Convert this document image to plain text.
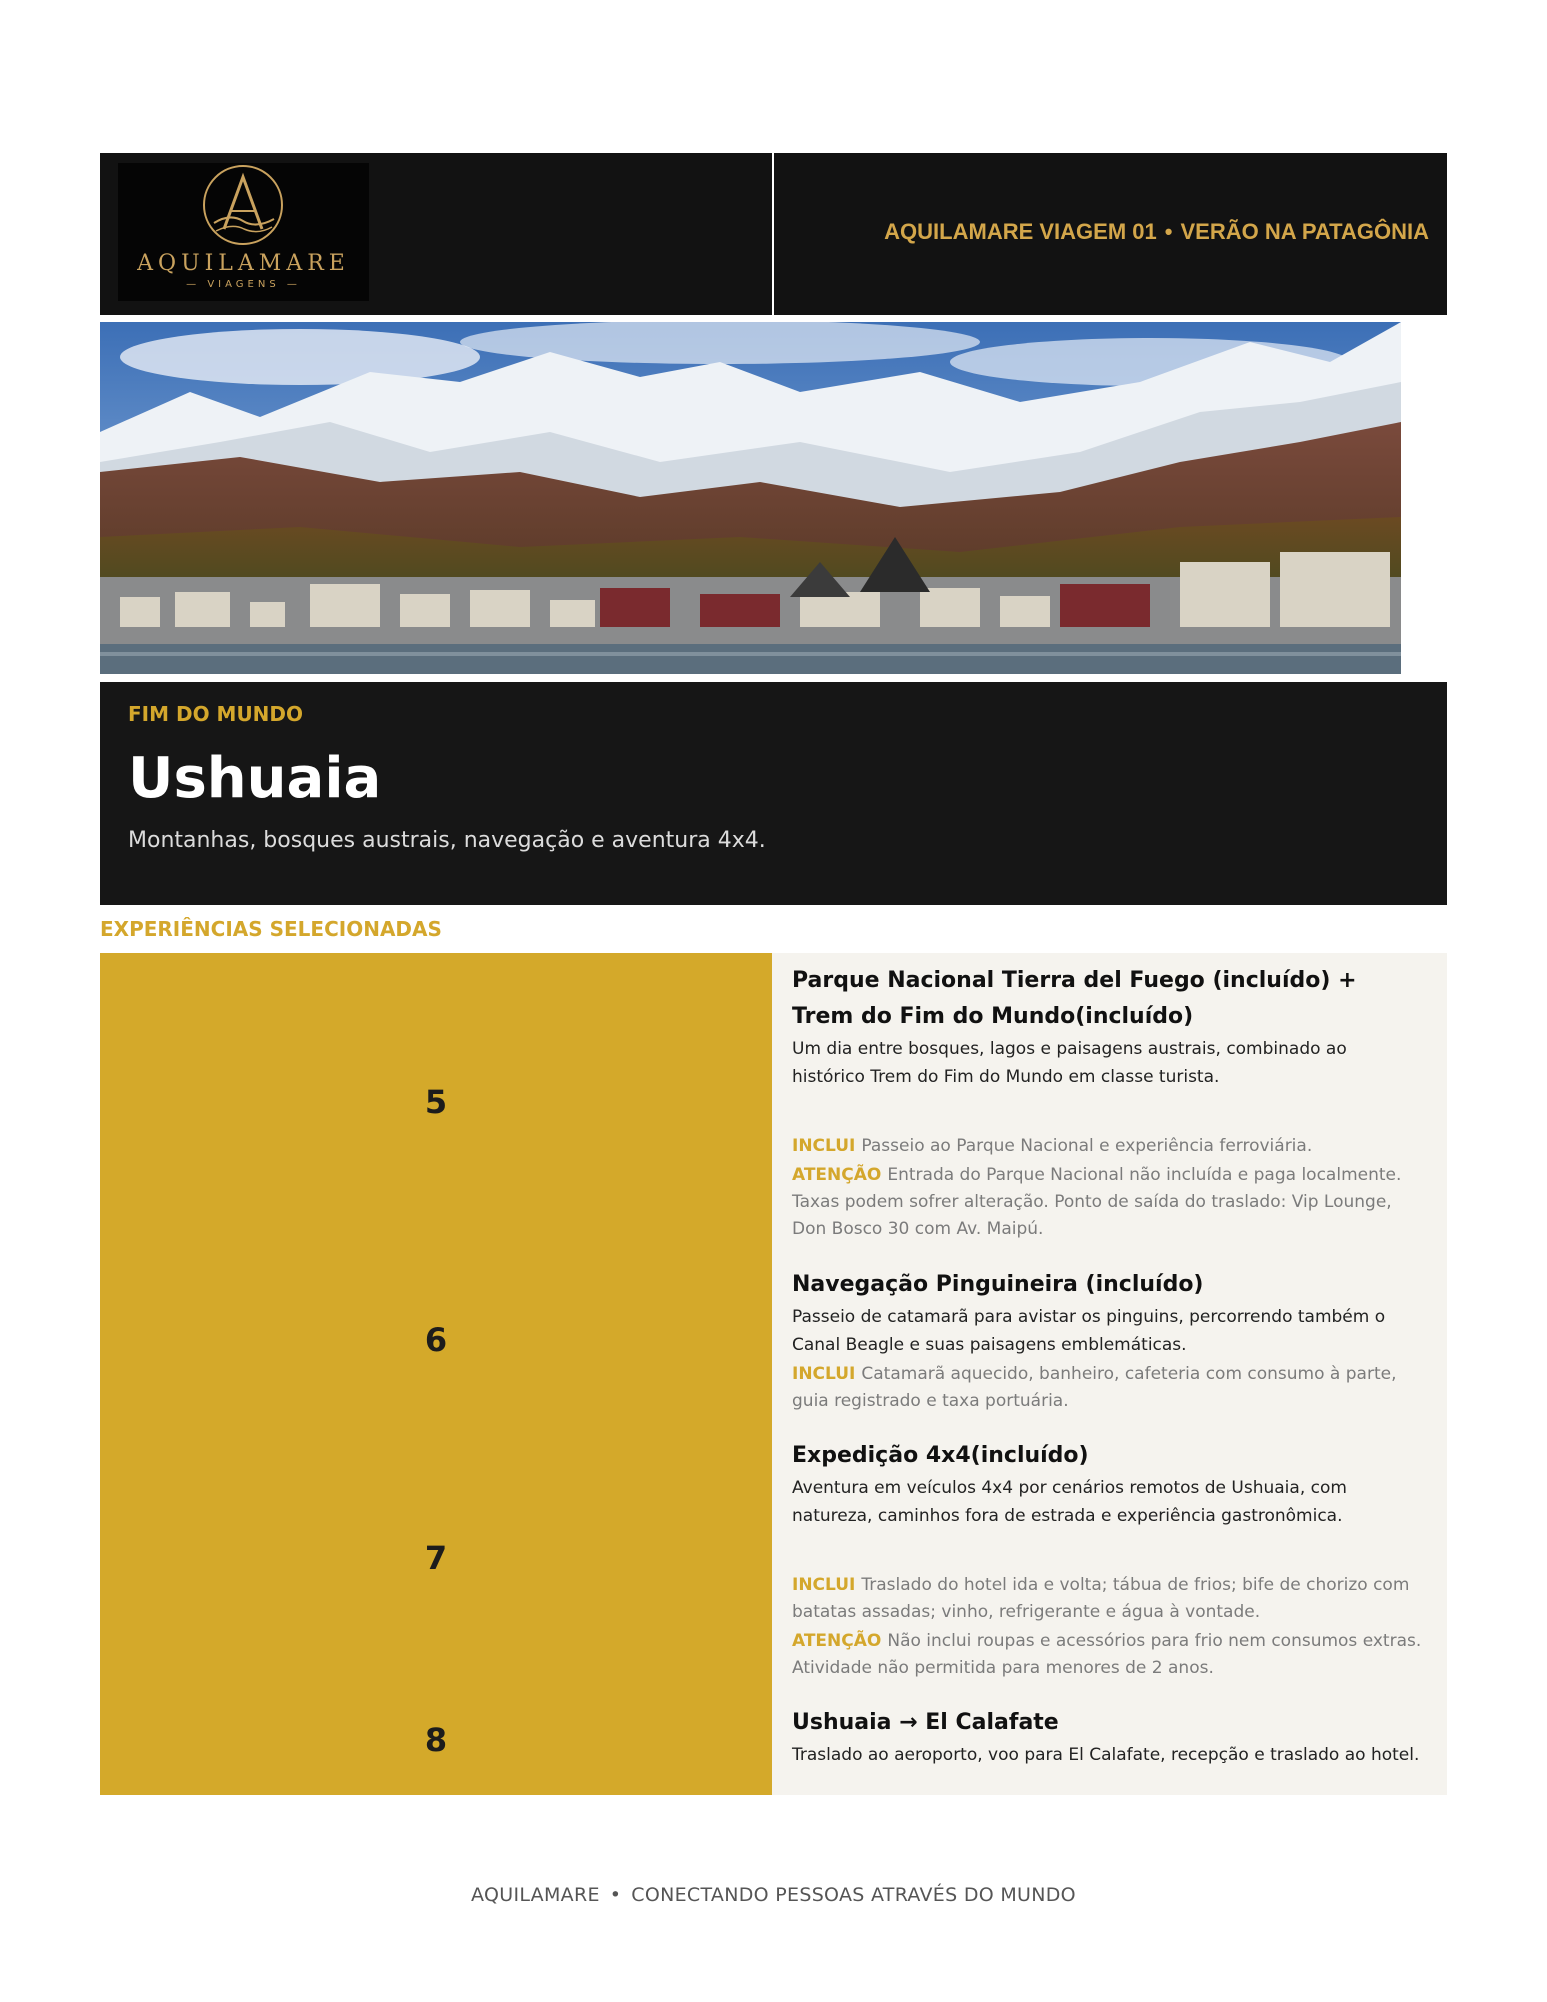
AQUILAMARE
— VIAGENS —
AQUILAMARE VIAGEM 01 • VERÃO NA PATAGÔNIA
FIM DO MUNDO
Ushuaia
Montanhas, bosques austrais, navegação e aventura 4x4.
EXPERIÊNCIAS SELECIONADAS
5
6
7
8
Parque Nacional Tierra del Fuego (incluído) + Trem do Fim do Mundo(incluído)
Um dia entre bosques, lagos e paisagens austrais, combinado ao histórico Trem do Fim do Mundo em classe turista.
INCLUI Passeio ao Parque Nacional e experiência ferroviária.
ATENÇÃO Entrada do Parque Nacional não incluída e paga localmente. Taxas podem sofrer alteração. Ponto de saída do traslado: Vip Lounge, Don Bosco 30 com Av. Maipú.
Navegação Pinguineira (incluído)
Passeio de catamarã para avistar os pinguins, percorrendo também o Canal Beagle e suas paisagens emblemáticas.
INCLUI Catamarã aquecido, banheiro, cafeteria com consumo à parte, guia registrado e taxa portuária.
Expedição 4x4(incluído)
Aventura em veículos 4x4 por cenários remotos de Ushuaia, com natureza, caminhos fora de estrada e experiência gastronômica.
INCLUI Traslado do hotel ida e volta; tábua de frios; bife de chorizo com batatas assadas; vinho, refrigerante e água à vontade.
ATENÇÃO Não inclui roupas e acessórios para frio nem consumos extras. Atividade não permitida para menores de 2 anos.
Ushuaia → El Calafate
Traslado ao aeroporto, voo para El Calafate, recepção e traslado ao hotel.
AQUILAMARE • CONECTANDO PESSOAS ATRAVÉS DO MUNDO
